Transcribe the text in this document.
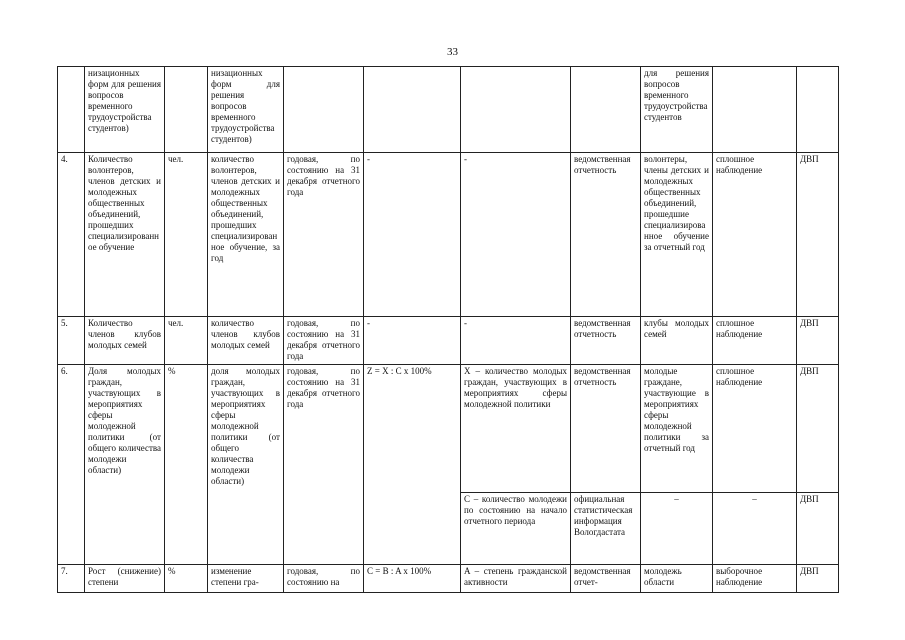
33
	низационных форм для решения вопросов временного трудоустройства студентов)		низационных форм для решения вопросов временного трудоустройства студентов)					для решения вопросов временного трудоустройства студентов		
4.	Количество волонтеров, членов детских и молодежных общественных объединений, прошедших специализированное обучение	чел.	количество волонтеров, членов детских и молодежных общественных объединений, прошедших специализированное обучение, за год	годовая, по состоянию на 31 декабря отчетного года	-	-	ведомственная отчетность	волонтеры, члены детских и молодежных общественных объединений, прошедшие специализированное обучение за отчетный год	сплошное наблюдение	ДВП
5.	Количество членов клубов молодых семей	чел.	количество членов клубов молодых семей	годовая, по состоянию на 31 декабря отчетного года	-	-	ведомственная отчетность	клубы молодых семей	сплошное наблюдение	ДВП
6.	Доля молодых граждан, участвующих в мероприятиях сферы молодежной политики (от общего количества молодежи области)	%	доля молодых граждан, участвующих в мероприятиях сферы молодежной политики (от общего количества молодежи области)	годовая, по состоянию на 31 декабря отчетного года	Z = X : C x 100%	X – количество молодых граждан, участвующих в мероприятиях сферы молодежной политики	ведомственная отчетность	молодые граждане, участвующие в мероприятиях сферы молодежной политики за отчетный год	сплошное наблюдение	ДВП
						C – количество молодежи по состоянию на начало отчетного периода	официальная статистическая информация Вологдастата	–	–	ДВП
7.	Рост (снижение) степени	%	изменение степени гра-	годовая, по состоянию на	C = B : A x 100%	A – степень гражданской активности	ведомственная отчет-	молодежь области	выборочное наблюдение	ДВП
